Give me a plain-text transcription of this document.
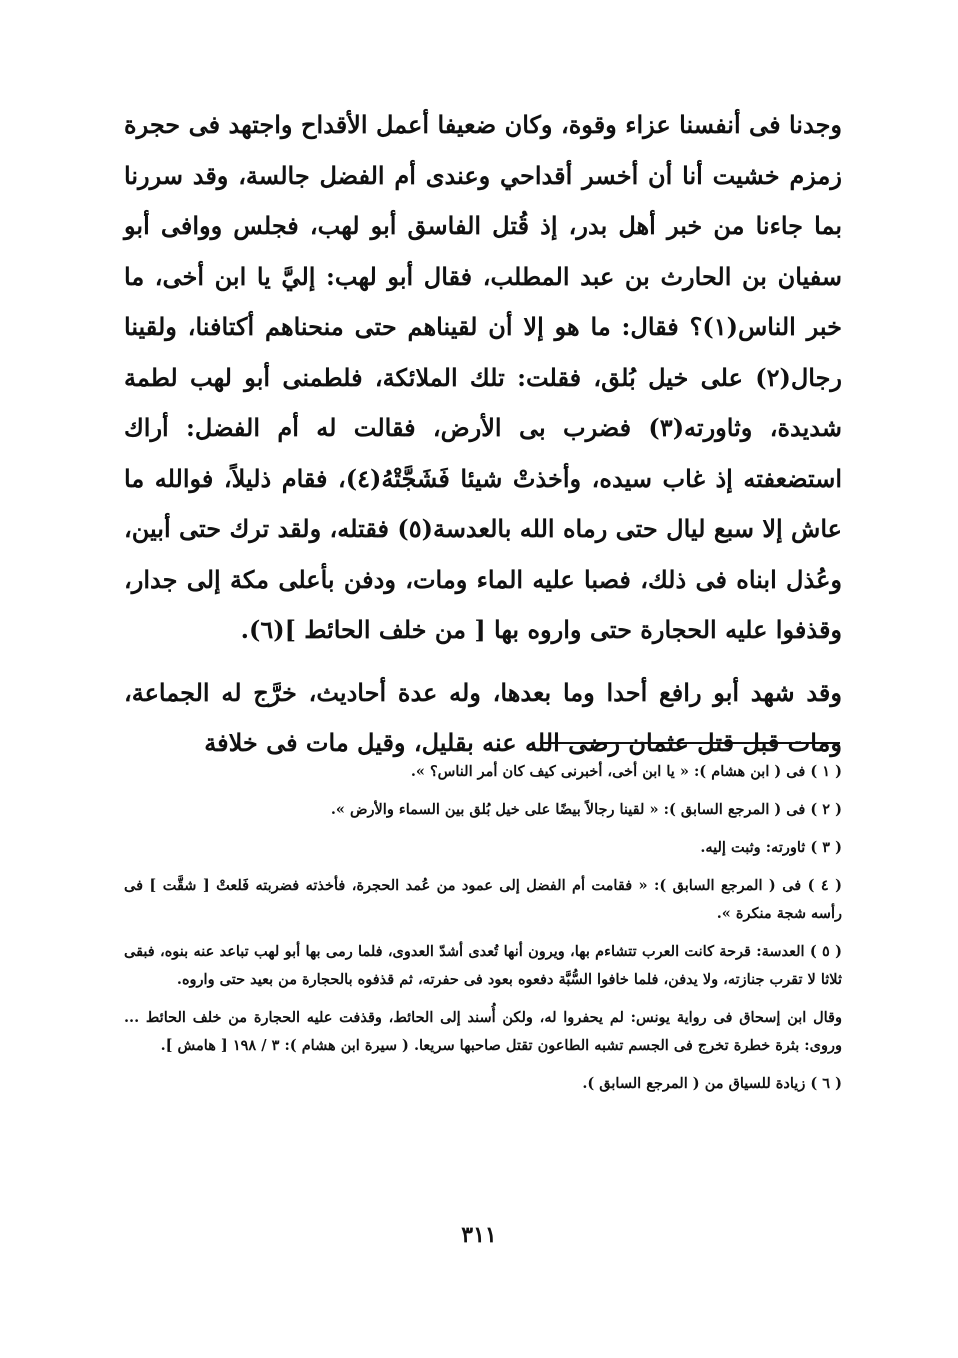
وجدنا فى أنفسنا عزاء وقوة، وكان ضعيفا أعمل الأقداح واجتهد فى حجرة زمزم خشيت أنا أن أخسر أقداحي وعندى أم الفضل جالسة، وقد سررنا بما جاءنا من خبر أهل بدر، إذ قُتل الفاسق أبو لهب، فجلس ووافى أبو سفيان بن الحارث بن عبد المطلب، فقال أبو لهب: إليَّ يا ابن أخى، ما خبر الناس(١)؟ فقال: ما هو إلا أن لقيناهم حتى منحناهم أكتافنا، ولقينا رجال(٢) على خيل بُلق، فقلت: تلك الملائكة، فلطمنى أبو لهب لطمة شديدة، وثاورته(٣) فضرب بى الأرض، فقالت له أم الفضل: أراك استضعفته إذ غاب سيده، وأخذتْ شيئا فَشَجَّتْهُ(٤)، فقام ذليلاً، فوالله ما عاش إلا سبع ليال حتى رماه الله بالعدسة(٥) فقتله، ولقد ترك حتى أبين، وعُذل ابناه فى ذلك، فصبا عليه الماء ومات، ودفن بأعلى مكة إلى جدار، وقذفوا عليه الحجارة حتى واروه بها [ من خلف الحائط ](٦).

وقد شهد أبو رافع أحدا وما بعدها، وله عدة أحاديث، خرَّج له الجماعة، ومات قبل قتل عثمان رضى الله عنه بقليل، وقيل مات فى خلافة

( ١ ) فى ( ابن هشام ): « يا ابن أخى، أخبرنى كيف كان أمر الناس؟ ».

( ٢ ) فى ( المرجع السابق ): « لقينا رجالاً بيضًا على خيل بُلق بين السماء والأرض ».

( ٣ ) ثاورته: وثبت إليه.

( ٤ ) فى ( المرجع السابق ): « فقامت أم الفضل إلى عمود من عُمد الحجرة، فأخذته فضربته فَلعتْ [ شقَّت ] فى رأسه شجة منكرة ».

( ٥ ) العدسة: قرحة كانت العرب تتشاءم بها، ويرون أنها تُعدى أشدّ العدوى، فلما رمى بها أبو لهب تباعد عنه بنوه، فبقى ثلاثا لا تقرب جنازته، ولا يدفن، فلما خافوا السُّبَّة دفعوه بعود فى حفرته، ثم قذفوه بالحجارة من بعيد حتى واروه.

وقال ابن إسحاق فى رواية يونس: لم يحفروا له، ولكن أُسند إلى الحائط، وقذفت عليه الحجارة من خلف الحائط ... وروى: بثرة خطرة تخرج فى الجسم تشبه الطاعون تقتل صاحبها سريعا. ( سيرة ابن هشام ): ٣ / ١٩٨ [ هامش ].

( ٦ ) زيادة للسياق من ( المرجع السابق ).

٣١١
